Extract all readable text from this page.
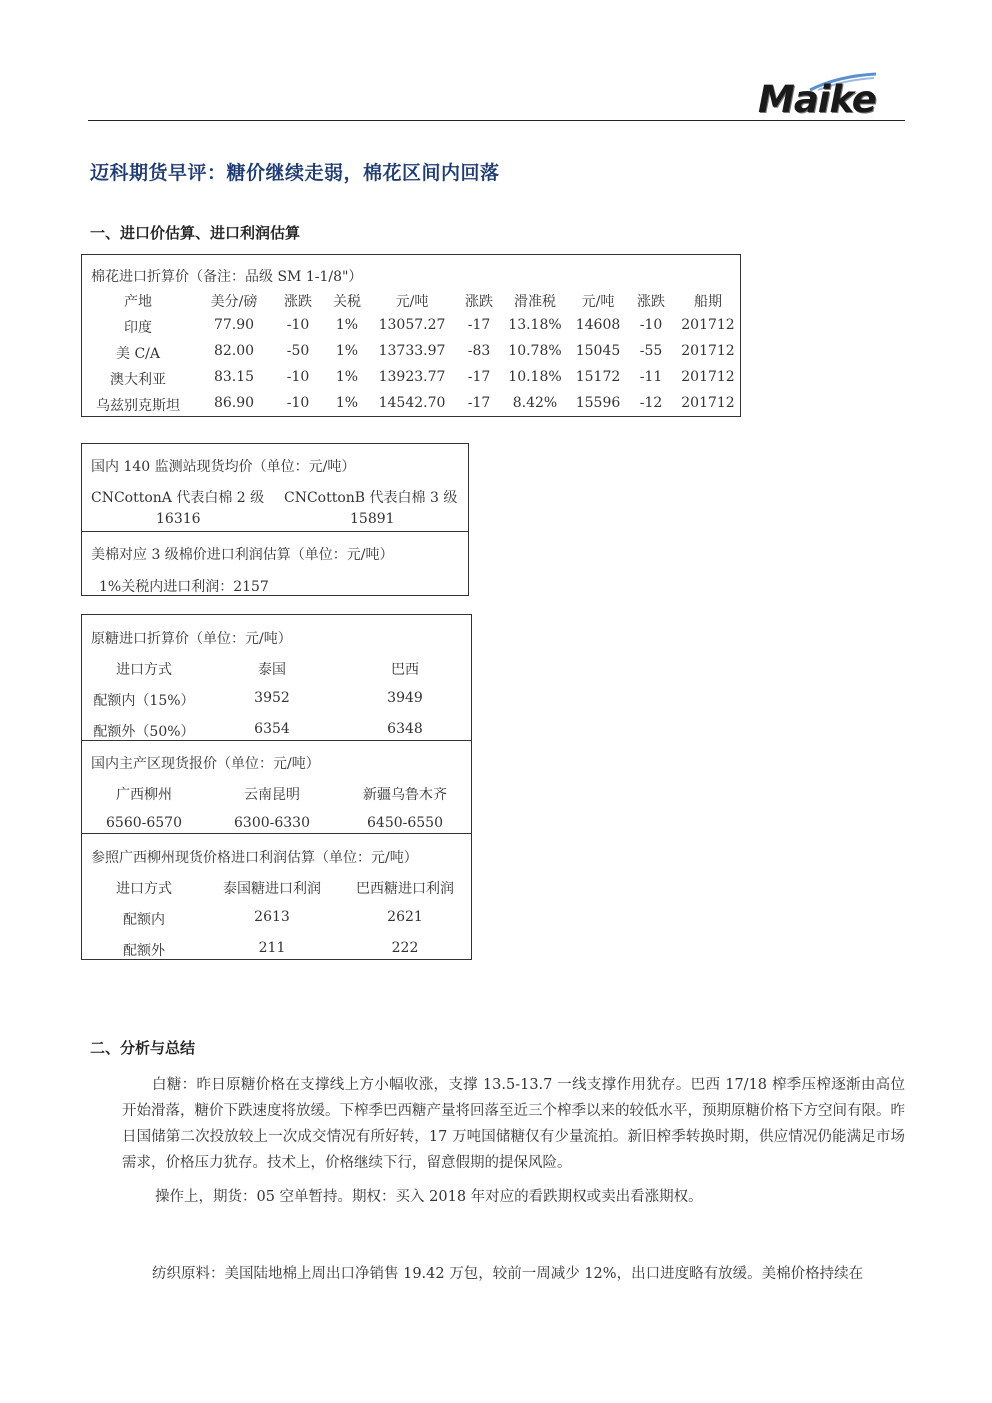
Maike
迈科期货早评：糖价继续走弱，棉花区间内回落
一、进口价估算、进口利润估算
棉花进口折算价（备注：品级 SM 1-1/8"）
产地	美分/磅	涨跌	关税	元/吨	涨跌	滑准税	元/吨	涨跌	船期
印度	77.90	-10	1%	13057.27	-17	13.18%	14608	-10	201712
美 C/A	82.00	-50	1%	13733.97	-83	10.78%	15045	-55	201712
澳大利亚	83.15	-10	1%	13923.77	-17	10.18%	15172	-11	201712
乌兹别克斯坦	86.90	-10	1%	14542.70	-17	8.42%	15596	-12	201712
国内 140 监测站现货均价（单位：元/吨）
CNCottonA 代表白棉 2 级 CNCottonB 代表白棉 3 级
16316	15891
美棉对应 3 级棉价进口利润估算（单位：元/吨）
1%关税内进口利润：2157
原糖进口折算价（单位：元/吨）
进口方式	泰国	巴西
配额内（15%）	3952	3949
配额外（50%）	6354	6348
国内主产区现货报价（单位：元/吨）
广西柳州	云南昆明	新疆乌鲁木齐
6560-6570	6300-6330	6450-6550
参照广西柳州现货价格进口利润估算（单位：元/吨）
进口方式	泰国糖进口利润	巴西糖进口利润
配额内	2613	2621
配额外	211	222
二、分析与总结
白糖：昨日原糖价格在支撑线上方小幅收涨，支撑 13.5-13.7 一线支撑作用犹存。巴西 17/18 榨季压榨逐渐由高位开始滑落，糖价下跌速度将放缓。下榨季巴西糖产量将回落至近三个榨季以来的较低水平，预期原糖价格下方空间有限。昨日国储第二次投放较上一次成交情况有所好转，17 万吨国储糖仅有少量流拍。新旧榨季转换时期，供应情况仍能满足市场需求，价格压力犹存。技术上，价格继续下行，留意假期的提保风险。
操作上，期货：05 空单暂持。期权：买入 2018 年对应的看跌期权或卖出看涨期权。
纺织原料：美国陆地棉上周出口净销售 19.42 万包，较前一周减少 12%，出口进度略有放缓。美棉价格持续在
